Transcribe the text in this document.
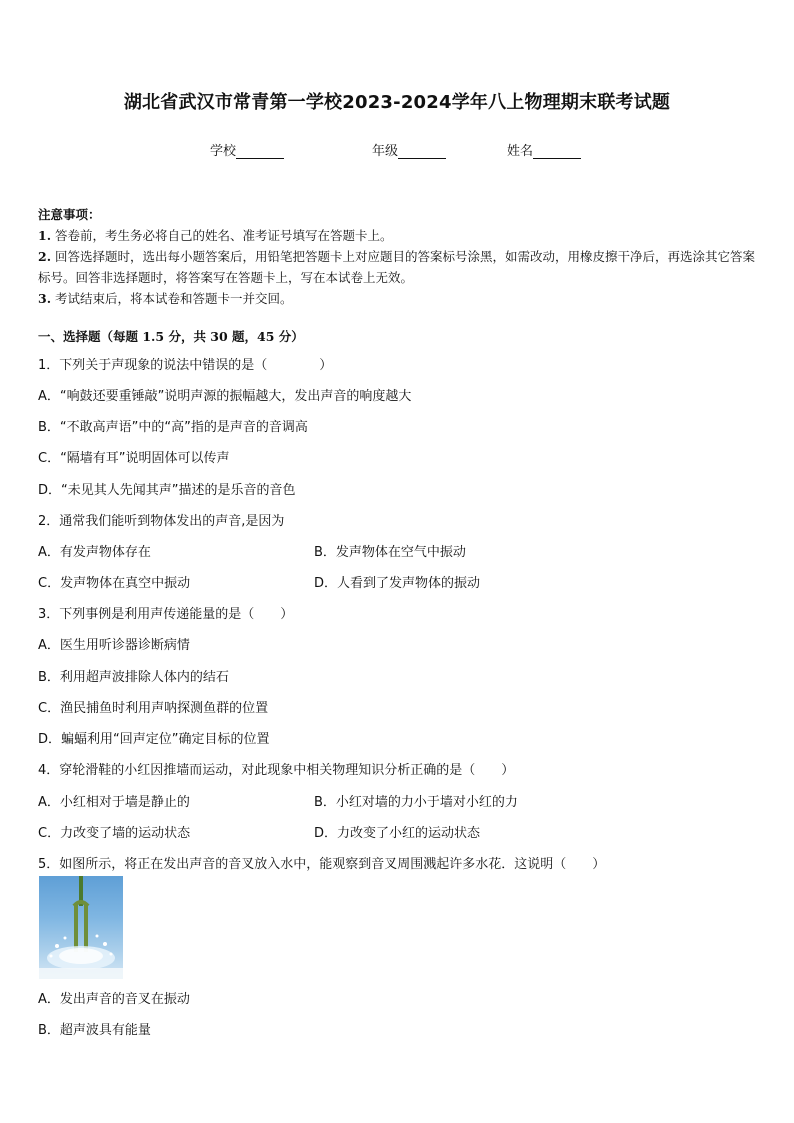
湖北省武汉市常青第一学校2023-2024学年八上物理期末联考试题
学校	年级	姓名

注意事项：

1. 答卷前，考生务必将自己的姓名、准考证号填写在答题卡上。

2. 回答选择题时，选出每小题答案后，用铅笔把答题卡上对应题目的答案标号涂黑，如需改动，用橡皮擦干净后，再选涂其它答案标号。回答非选择题时，将答案写在答题卡上，写在本试卷上无效。

3. 考试结束后，将本试卷和答题卡一并交回。

一、选择题（每题 1.5 分，共 30 题，45 分）
1．下列关于声现象的说法中错误的是（　　　　）
A．“响鼓还要重锤敲”说明声源的振幅越大，发出声音的响度越大
B．“不敢高声语”中的“高”指的是声音的音调高
C．“隔墙有耳”说明固体可以传声
D．“未见其人先闻其声”描述的是乐音的音色
2．通常我们能听到物体发出的声音,是因为
A．有发声物体存在	B．发声物体在空气中振动
C．发声物体在真空中振动	D．人看到了发声物体的振动
3．下列事例是利用声传递能量的是（　　）
A．医生用听诊器诊断病情
B．利用超声波排除人体内的结石
C．渔民捕鱼时利用声呐探测鱼群的位置
D．蝙蝠利用“回声定位”确定目标的位置
4．穿轮滑鞋的小红因推墙而运动，对此现象中相关物理知识分析正确的是（　　）
A．小红相对于墙是静止的	B．小红对墙的力小于墙对小红的力
C．力改变了墙的运动状态	D．力改变了小红的运动状态
5．如图所示，将正在发出声音的音叉放入水中，能观察到音叉周围溅起许多水花．这说明（　　）
A．发出声音的音叉在振动
B．超声波具有能量
